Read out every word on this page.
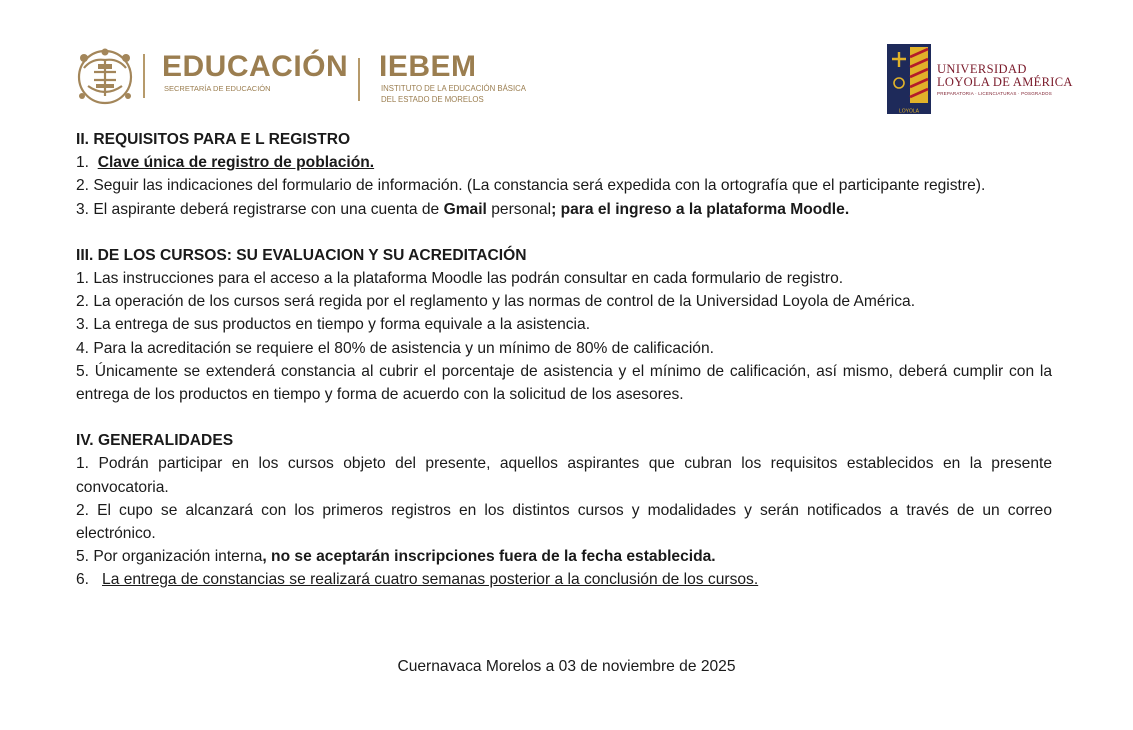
EDUCACIÓN
SECRETARÍA DE EDUCACIÓN
IEBEM
INSTITUTO DE LA EDUCACIÓN BÁSICA
DEL ESTADO DE MORELOS
LOYOLA
UNIVERSIDAD
LOYOLA DE AMÉRICA
PREPARATORIA · LICENCIATURAS · POSGRADOS

II. REQUISITOS PARA E L REGISTRO

1. Clave única de registro de población.

2. Seguir las indicaciones del formulario de información. (La constancia será expedida con la ortografía que el participante registre).

3. El aspirante deberá registrarse con una cuenta de Gmail personal; para el ingreso a la plataforma Moodle.

III. DE LOS CURSOS: SU EVALUACION Y SU ACREDITACIÓN

1. Las instrucciones para el acceso a la plataforma Moodle las podrán consultar en cada formulario de registro.

2. La operación de los cursos será regida por el reglamento y las normas de control de la Universidad Loyola de América.

3. La entrega de sus productos en tiempo y forma equivale a la asistencia.

4. Para la acreditación se requiere el 80% de asistencia y un mínimo de 80% de calificación.

5. Únicamente se extenderá constancia al cubrir el porcentaje de asistencia y el mínimo de calificación, así mismo, deberá cumplir con la entrega de los productos en tiempo y forma de acuerdo con la solicitud de los asesores.

IV. GENERALIDADES

1. Podrán participar en los cursos objeto del presente, aquellos aspirantes que cubran los requisitos establecidos en la presente convocatoria.

2. El cupo se alcanzará con los primeros registros en los distintos cursos y modalidades y serán notificados a través de un correo electrónico.

5. Por organización interna, no se aceptarán inscripciones fuera de la fecha establecida.

6. La entrega de constancias se realizará cuatro semanas posterior a la conclusión de los cursos.

Cuernavaca Morelos a 03 de noviembre de 2025
